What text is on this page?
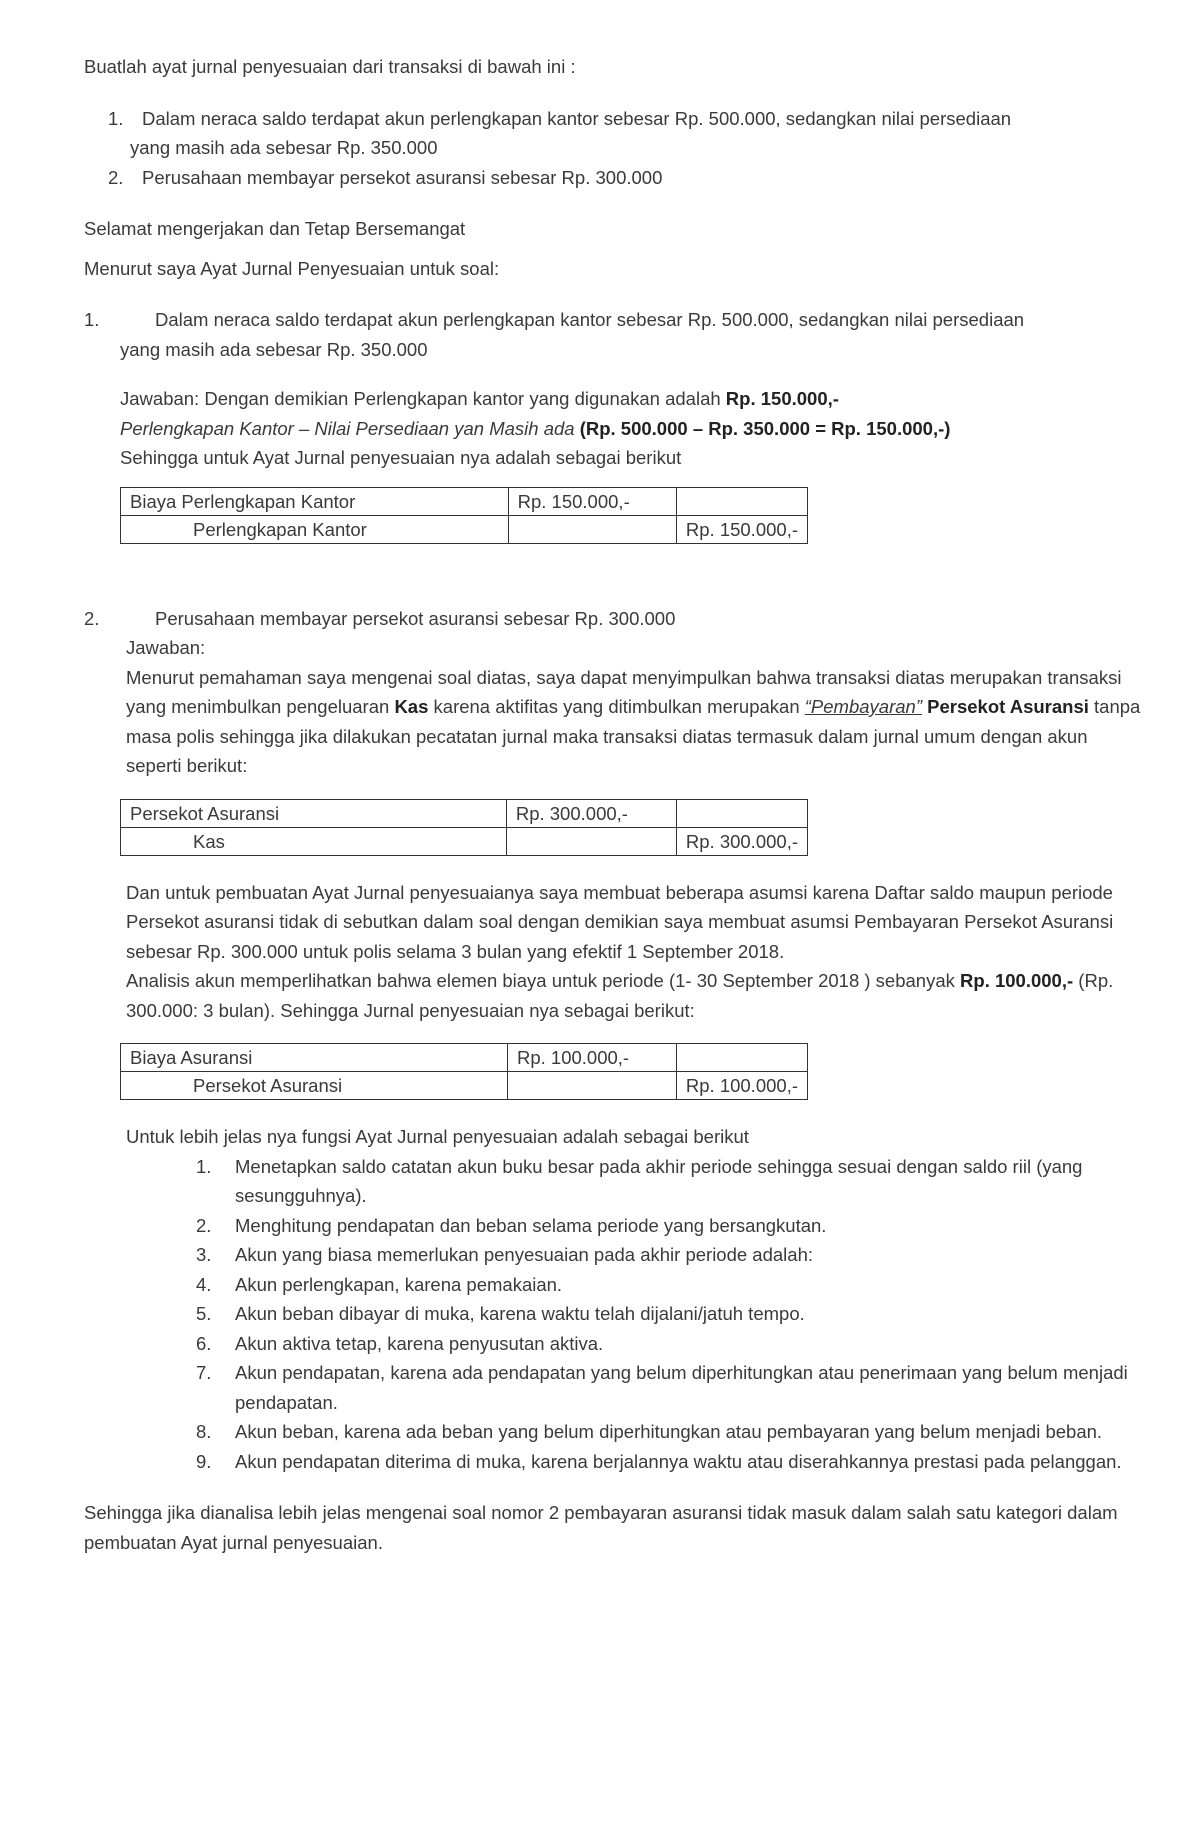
Buatlah ayat jurnal penyesuaian dari transaksi di bawah ini :

1. Dalam neraca saldo terdapat akun perlengkapan kantor sebesar Rp. 500.000, sedangkan nilai persediaan
yang masih ada sebesar Rp. 350.000
2. Perusahaan membayar persekot asuransi sebesar Rp. 300.000

Selamat mengerjakan dan Tetap Bersemangat

Menurut saya Ayat Jurnal Penyesuaian untuk soal:

1.	Dalam neraca saldo terdapat akun perlengkapan kantor sebesar Rp. 500.000, sedangkan nilai persediaan
yang masih ada sebesar Rp. 350.000

Jawaban: Dengan demikian Perlengkapan kantor yang digunakan adalah Rp. 150.000,-

Perlengkapan Kantor – Nilai Persediaan yan Masih ada (Rp. 500.000 – Rp. 350.000 = Rp. 150.000,-)

Sehingga untuk Ayat Jurnal penyesuaian nya adalah sebagai berikut

Biaya Perlengkapan Kantor	Rp. 150.000,-	
Perlengkapan Kantor		Rp. 150.000,-
2.	Perusahaan membayar persekot asuransi sebesar Rp. 300.000

Jawaban:

Menurut pemahaman saya mengenai soal diatas, saya dapat menyimpulkan bahwa transaksi diatas merupakan transaksi yang menimbulkan pengeluaran Kas karena aktifitas yang ditimbulkan merupakan “Pembayaran” Persekot Asuransi tanpa masa polis sehingga jika dilakukan pecatatan jurnal maka transaksi diatas termasuk dalam jurnal umum dengan akun seperti berikut:

Persekot Asuransi	Rp. 300.000,-	
Kas		Rp. 300.000,-

Dan untuk pembuatan Ayat Jurnal penyesuaianya saya membuat beberapa asumsi karena Daftar saldo maupun periode Persekot asuransi tidak di sebutkan dalam soal dengan demikian saya membuat asumsi Pembayaran Persekot Asuransi sebesar Rp. 300.000 untuk polis selama 3 bulan yang efektif 1 September 2018.

Analisis akun memperlihatkan bahwa elemen biaya untuk periode (1- 30 September 2018 ) sebanyak Rp. 100.000,- (Rp. 300.000: 3 bulan). Sehingga Jurnal penyesuaian nya sebagai berikut:

Biaya Asuransi	Rp. 100.000,-	
Persekot Asuransi		Rp. 100.000,-

Untuk lebih jelas nya fungsi Ayat Jurnal penyesuaian adalah sebagai berikut

1.	Menetapkan saldo catatan akun buku besar pada akhir periode sehingga sesuai dengan saldo riil (yang sesungguhnya).
2.	Menghitung pendapatan dan beban selama periode yang bersangkutan.
3.	Akun yang biasa memerlukan penyesuaian pada akhir periode adalah:
4.	Akun perlengkapan, karena pemakaian.
5.	Akun beban dibayar di muka, karena waktu telah dijalani/jatuh tempo.
6.	Akun aktiva tetap, karena penyusutan aktiva.
7.	Akun pendapatan, karena ada pendapatan yang belum diperhitungkan atau penerimaan yang belum menjadi pendapatan.
8.	Akun beban, karena ada beban yang belum diperhitungkan atau pembayaran yang belum menjadi beban.
9.	Akun pendapatan diterima di muka, karena berjalannya waktu atau diserahkannya prestasi pada pelanggan.

Sehingga jika dianalisa lebih jelas mengenai soal nomor 2 pembayaran asuransi tidak masuk dalam salah satu kategori dalam pembuatan Ayat jurnal penyesuaian.
